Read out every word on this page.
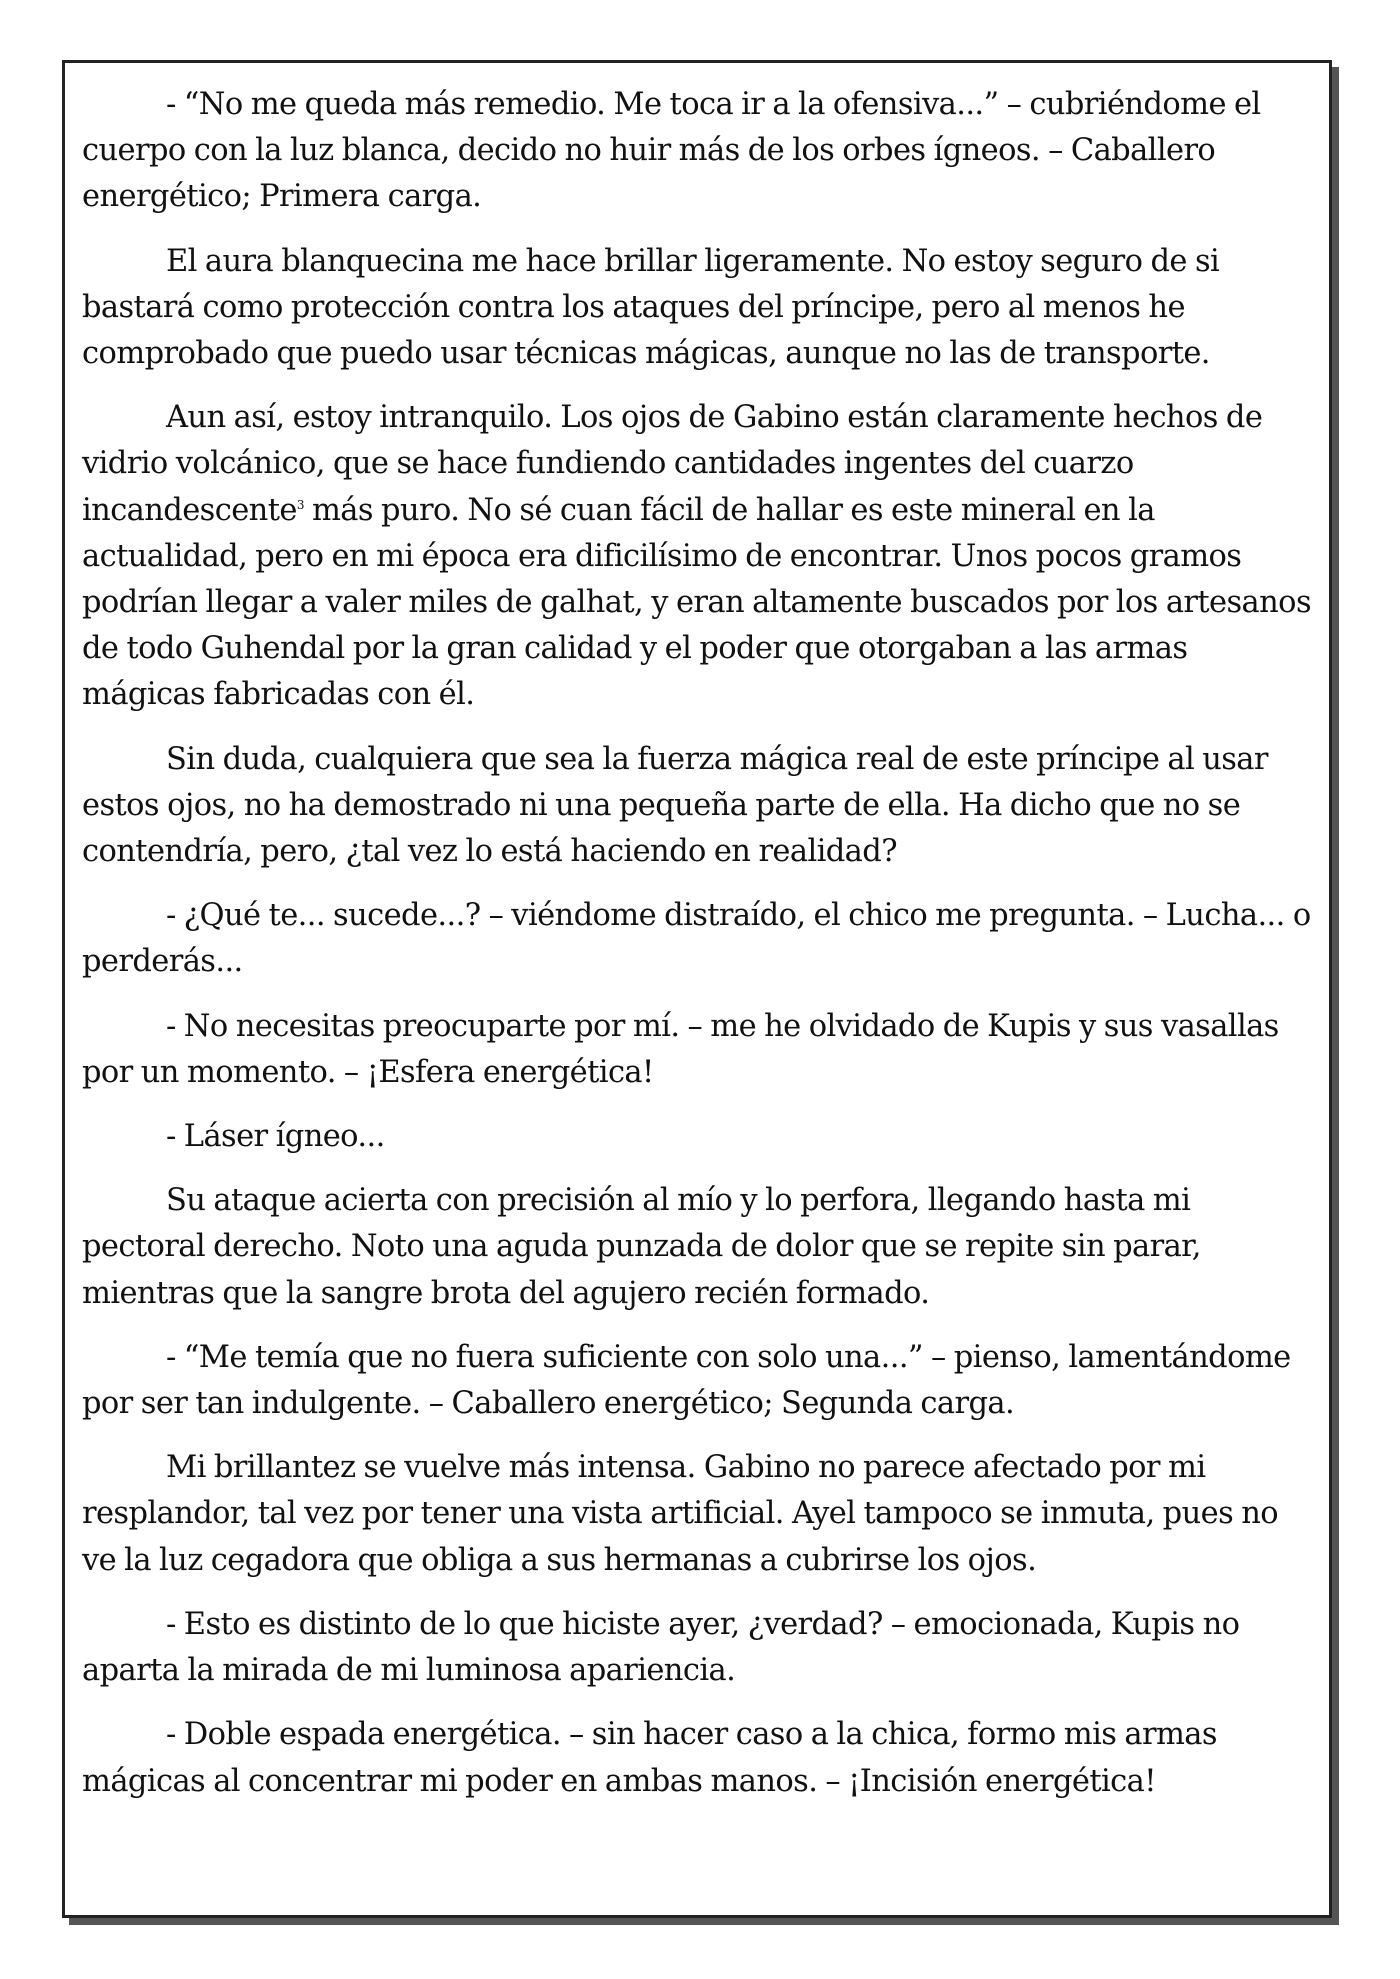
- “No me queda más remedio. Me toca ir a la ofensiva...” – cubriéndome el cuerpo con la luz blanca, decido no huir más de los orbes ígneos. – Caballero energético; Primera carga.

El aura blanquecina me hace brillar ligeramente. No estoy seguro de si bastará como protección contra los ataques del príncipe, pero al menos he comprobado que puedo usar técnicas mágicas, aunque no las de transporte.

Aun así, estoy intranquilo. Los ojos de Gabino están claramente hechos de vidrio volcánico, que se hace fundiendo cantidades ingentes del cuarzo incandescente$^3$ más puro. No sé cuan fácil de hallar es este mineral en la actualidad, pero en mi época era dificilísimo de encontrar. Unos pocos gramos podrían llegar a valer miles de galhat, y eran altamente buscados por los artesanos de todo Guhendal por la gran calidad y el poder que otorgaban a las armas mágicas fabricadas con él.

Sin duda, cualquiera que sea la fuerza mágica real de este príncipe al usar estos ojos, no ha demostrado ni una pequeña parte de ella. Ha dicho que no se contendría, pero, ¿tal vez lo está haciendo en realidad?

- ¿Qué te... sucede...? – viéndome distraído, el chico me pregunta. – Lucha... o perderás...

- No necesitas preocuparte por mí. – me he olvidado de Kupis y sus vasallas por un momento. – ¡Esfera energética!

- Láser ígneo...

Su ataque acierta con precisión al mío y lo perfora, llegando hasta mi pectoral derecho. Noto una aguda punzada de dolor que se repite sin parar, mientras que la sangre brota del agujero recién formado.

- “Me temía que no fuera suficiente con solo una...” – pienso, lamentándome por ser tan indulgente. – Caballero energético; Segunda carga.

Mi brillantez se vuelve más intensa. Gabino no parece afectado por mi resplandor, tal vez por tener una vista artificial. Ayel tampoco se inmuta, pues no ve la luz cegadora que obliga a sus hermanas a cubrirse los ojos.

- Esto es distinto de lo que hiciste ayer, ¿verdad? – emocionada, Kupis no aparta la mirada de mi luminosa apariencia.

- Doble espada energética. – sin hacer caso a la chica, formo mis armas mágicas al concentrar mi poder en ambas manos. – ¡Incisión energética!
